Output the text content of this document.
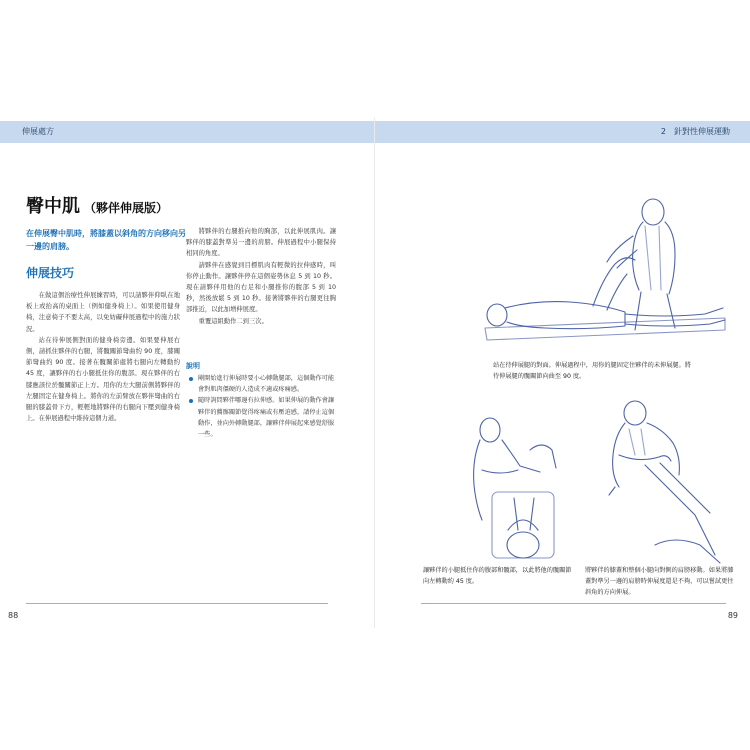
伸展處方
臀中肌 （夥伴伸展版）
在伸展臀中肌時，將膝蓋以斜角的方向移向另一邊的肩膀。
伸展技巧

在做這個治療性伸展練習時，可以請夥伴仰臥在地板上或抬高的桌面上（例如健身椅上）。如果使用健身椅，注意椅子不要太高，以免妨礙伸展過程中的施力狀況。

站在待伸展側對面的健身椅旁邊。如果要伸展右側，請抓住夥伴的右腿，將髖關節彎曲約 90 度，膝關節彎曲約 90 度。接著在髖關節處將右腿向左轉動約 45 度，讓夥伴的右小腿抵住你的腹部。現在夥伴的右膝應該位於髖關節正上方。用你的左大腿前側將夥伴的左腿固定在健身椅上。將你的左前臂放在夥伴彎曲的右腿的膝蓋骨下方，輕輕地將夥伴的右腿向下壓到健身椅上。在伸展過程中維持這個力道。

將夥伴的右腿推向他的胸部，以此伸展肌肉。讓夥伴的膝蓋對準另一邊的肩膀。伸展過程中小腿保持相同的角度。

請夥伴在感覺到目標肌肉有輕微的拉伸感時，叫你停止動作。讓夥伴停在這個姿勢休息 5 到 10 秒。現在請夥伴用他的右足和小腿推你的腹部 5 到 10 秒，然後放鬆 5 到 10 秒。接著將夥伴的右腿更往胸部推近，以此加增伸展度。

重覆這組動作二到三次。

說明
剛開始進行伸展時要小心轉動腿部，這個動作可能會對肌肉僵硬的人造成不適或疼痛感。
隨時詢問夥伴哪邊有拉伸感。如果伸展的動作會讓夥伴的薦髂關節覺得疼痛或有壓迫感，請停止這個動作，並向外轉動腿部，讓夥伴伸展起來感覺舒服一些。
88
2　針對性伸展運動
站在待伸展腿的對面。伸展過程中，用你的腿固定住夥伴的未伸展腿。將待伸展腿的髖關節向曲至 90 度。
讓夥伴的小腿抵住你的腹部和髖部，以此將他的髖關節向左轉動約 45 度。
將夥伴的膝蓋和整個小腿向對側的肩膀移動。如果將膝蓋對準另一邊的肩膀時伸展度還是不夠，可以嘗試更往斜角的方向伸展。
89
